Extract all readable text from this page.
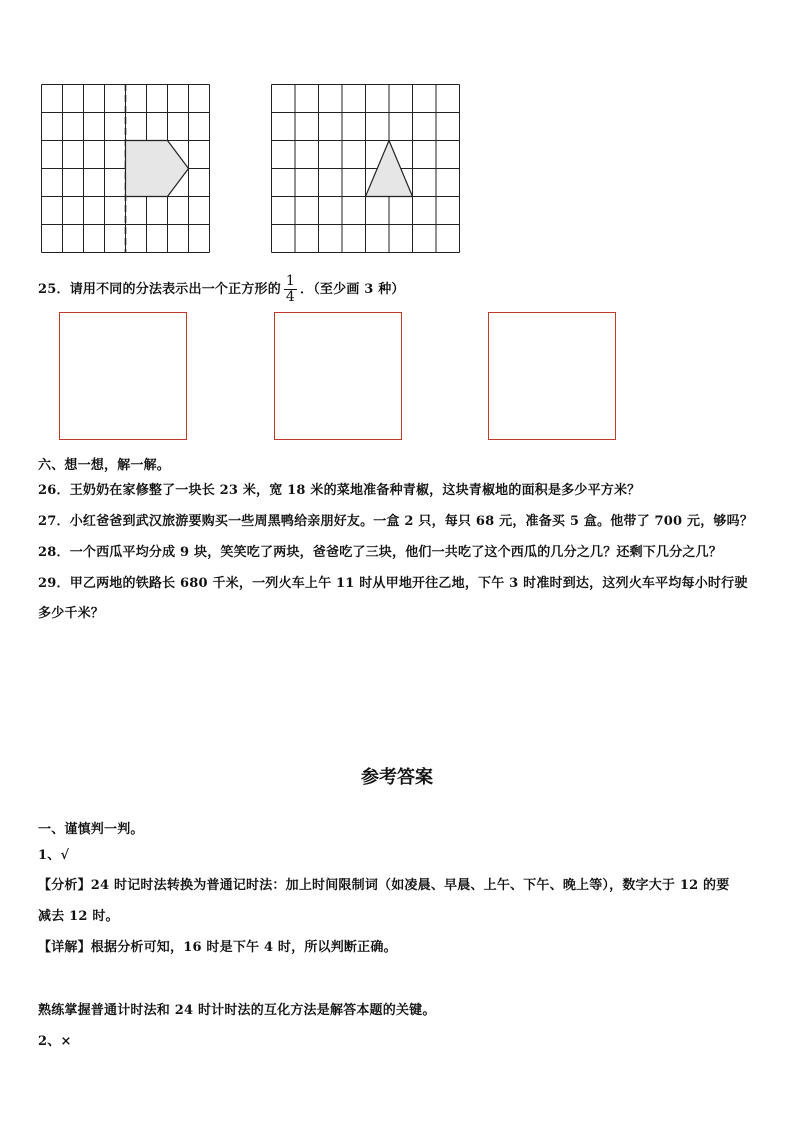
25．请用不同的分法表示出一个正方形的 $\frac{1}{4}$ ．（至少画 3 种）
六、想一想，解一解。
26．王奶奶在家修整了一块长 23 米，宽 18 米的菜地准备种青椒，这块青椒地的面积是多少平方米？
27．小红爸爸到武汉旅游要购买一些周黑鸭给亲朋好友。一盒 2 只，每只 68 元，准备买 5 盒。他带了 700 元，够吗？
28．一个西瓜平均分成 9 块，笑笑吃了两块，爸爸吃了三块，他们一共吃了这个西瓜的几分之几？还剩下几分之几？
29．甲乙两地的铁路长 680 千米，一列火车上午 11 时从甲地开往乙地，下午 3 时准时到达，这列火车平均每小时行驶
多少千米？
参考答案
一、谨慎判一判。
1、√
【分析】24 时记时法转换为普通记时法：加上时间限制词（如凌晨、早晨、上午、下午、晚上等），数字大于 12 的要
减去 12 时。
【详解】根据分析可知，16 时是下午 4 时，所以判断正确。
熟练掌握普通计时法和 24 时计时法的互化方法是解答本题的关键。
2、×
